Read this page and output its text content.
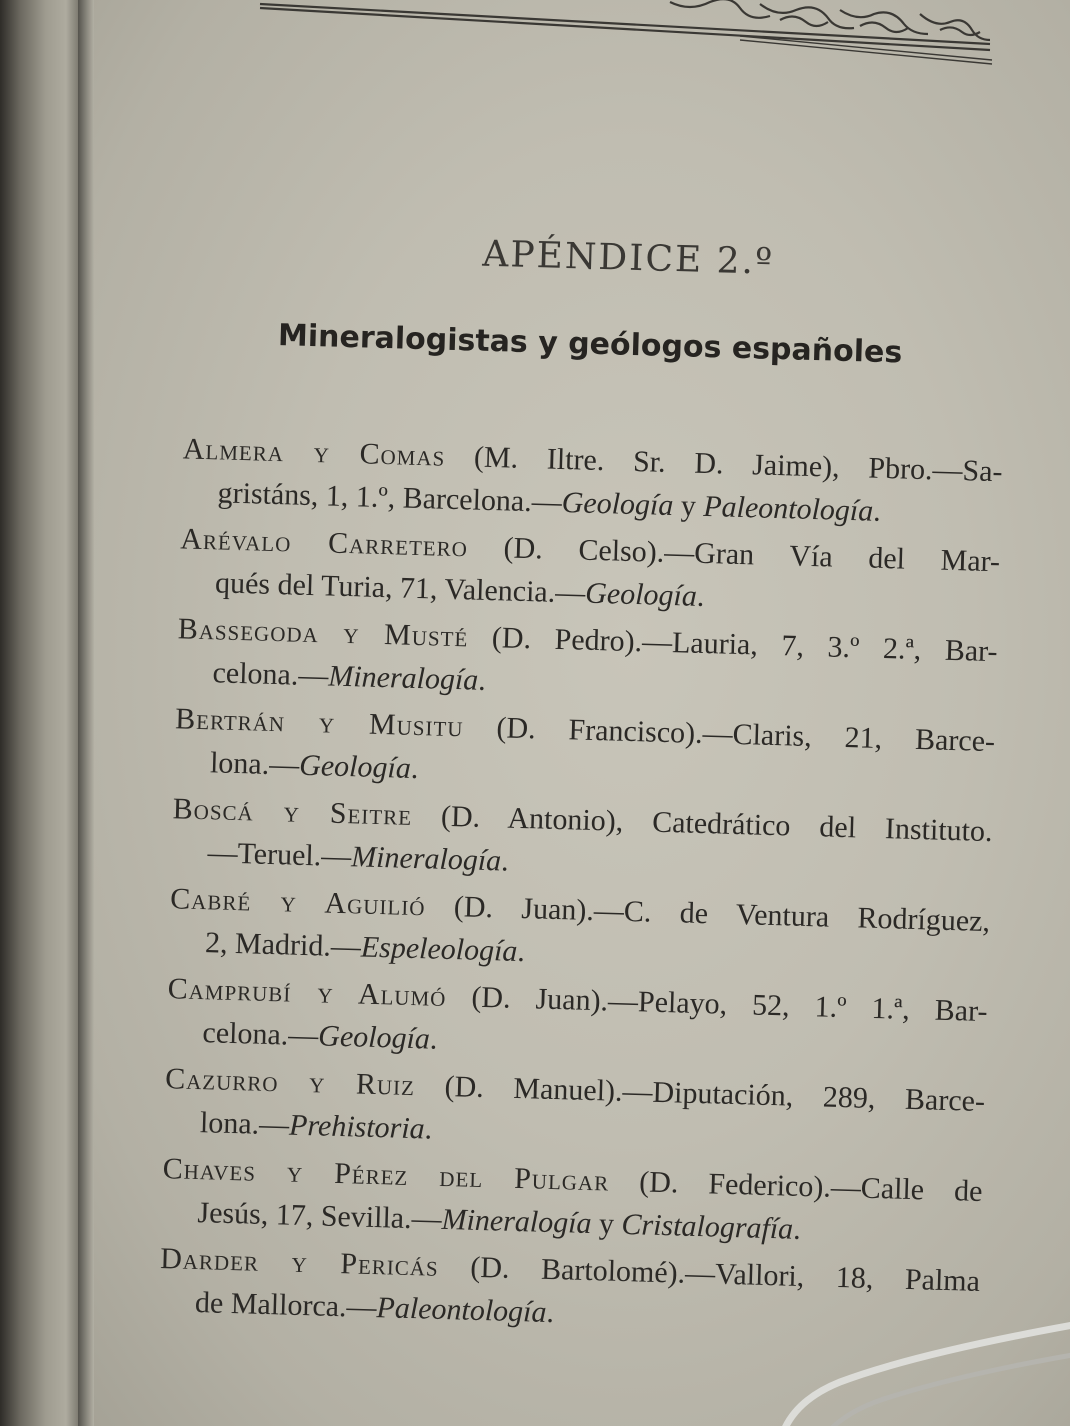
APÉNDICE 2.º
Mineralogistas y geólogos españoles
Almera y Comas (M. Iltre. Sr. D. Jaime), Pbro.—Sa-
gristáns, 1, 1.º, Barcelona.—Geología y Paleontología.
Arévalo Carretero (D. Celso).—Gran Vía del Mar-
qués del Turia, 71, Valencia.—Geología.
Bassegoda y Musté (D. Pedro).—Lauria, 7, 3.º 2.ª, Bar-
celona.—Mineralogía.
Bertrán y Musitu (D. Francisco).—Claris, 21, Barce-
lona.—Geología.
Boscá y Seitre (D. Antonio), Catedrático del Instituto.
—Teruel.—Mineralogía.
Cabré y Aguilió (D. Juan).—C. de Ventura Rodríguez,
2, Madrid.—Espeleología.
Camprubí y Alumó (D. Juan).—Pelayo, 52, 1.º 1.ª, Bar-
celona.—Geología.
Cazurro y Ruiz (D. Manuel).—Diputación, 289, Barce-
lona.—Prehistoria.
Chaves y Pérez del Pulgar (D. Federico).—Calle de
Jesús, 17, Sevilla.—Mineralogía y Cristalografía.
Darder y Pericás (D. Bartolomé).—Vallori, 18, Palma
de Mallorca.—Paleontología.
